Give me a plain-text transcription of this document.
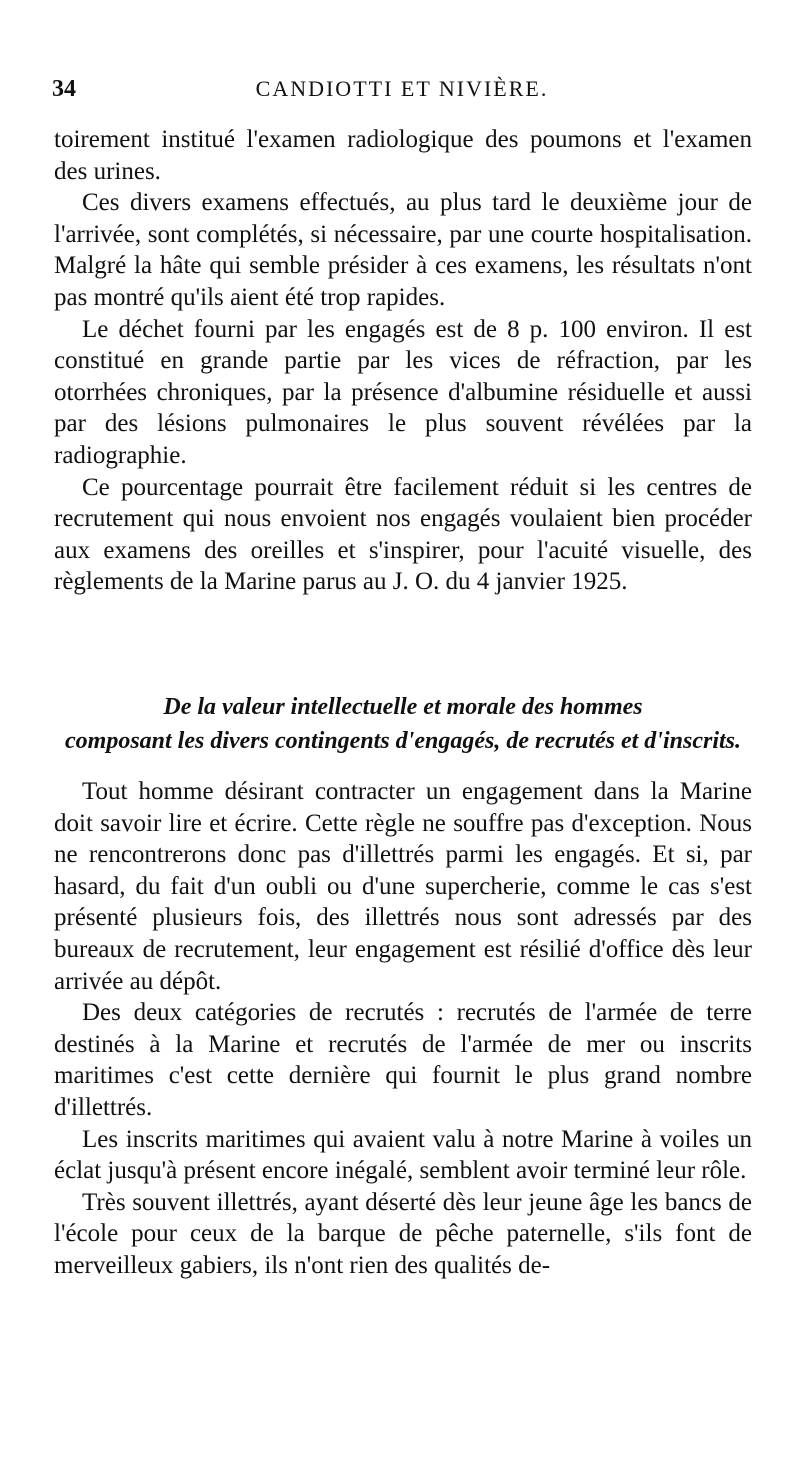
34	CANDIOTTI ET NIVIÈRE.

toirement institué l'examen radiologique des poumons et l'examen des urines.

Ces divers examens effectués, au plus tard le deuxième jour de l'arrivée, sont complétés, si nécessaire, par une courte hospitalisation. Malgré la hâte qui semble présider à ces examens, les résultats n'ont pas montré qu'ils aient été trop rapides.

Le déchet fourni par les engagés est de 8 p. 100 environ. Il est constitué en grande partie par les vices de réfraction, par les otorrhées chroniques, par la présence d'albumine résiduelle et aussi par des lésions pulmonaires le plus souvent révélées par la radiographie.

Ce pourcentage pourrait être facilement réduit si les centres de recrutement qui nous envoient nos engagés voulaient bien procéder aux examens des oreilles et s'inspirer, pour l'acuité visuelle, des règlements de la Marine parus au J. O. du 4 janvier 1925.

De la valeur intellectuelle et morale des hommes
composant les divers contingents d'engagés, de recrutés et d'inscrits.

Tout homme désirant contracter un engagement dans la Marine doit savoir lire et écrire. Cette règle ne souffre pas d'exception. Nous ne rencontrerons donc pas d'illettrés parmi les engagés. Et si, par hasard, du fait d'un oubli ou d'une supercherie, comme le cas s'est présenté plusieurs fois, des illettrés nous sont adressés par des bureaux de recrutement, leur engagement est résilié d'office dès leur arrivée au dépôt.

Des deux catégories de recrutés : recrutés de l'armée de terre destinés à la Marine et recrutés de l'armée de mer ou inscrits maritimes c'est cette dernière qui fournit le plus grand nombre d'illettrés.

Les inscrits maritimes qui avaient valu à notre Marine à voiles un éclat jusqu'à présent encore inégalé, semblent avoir terminé leur rôle.

Très souvent illettrés, ayant déserté dès leur jeune âge les bancs de l'école pour ceux de la barque de pêche paternelle, s'ils font de merveilleux gabiers, ils n'ont rien des qualités de-
